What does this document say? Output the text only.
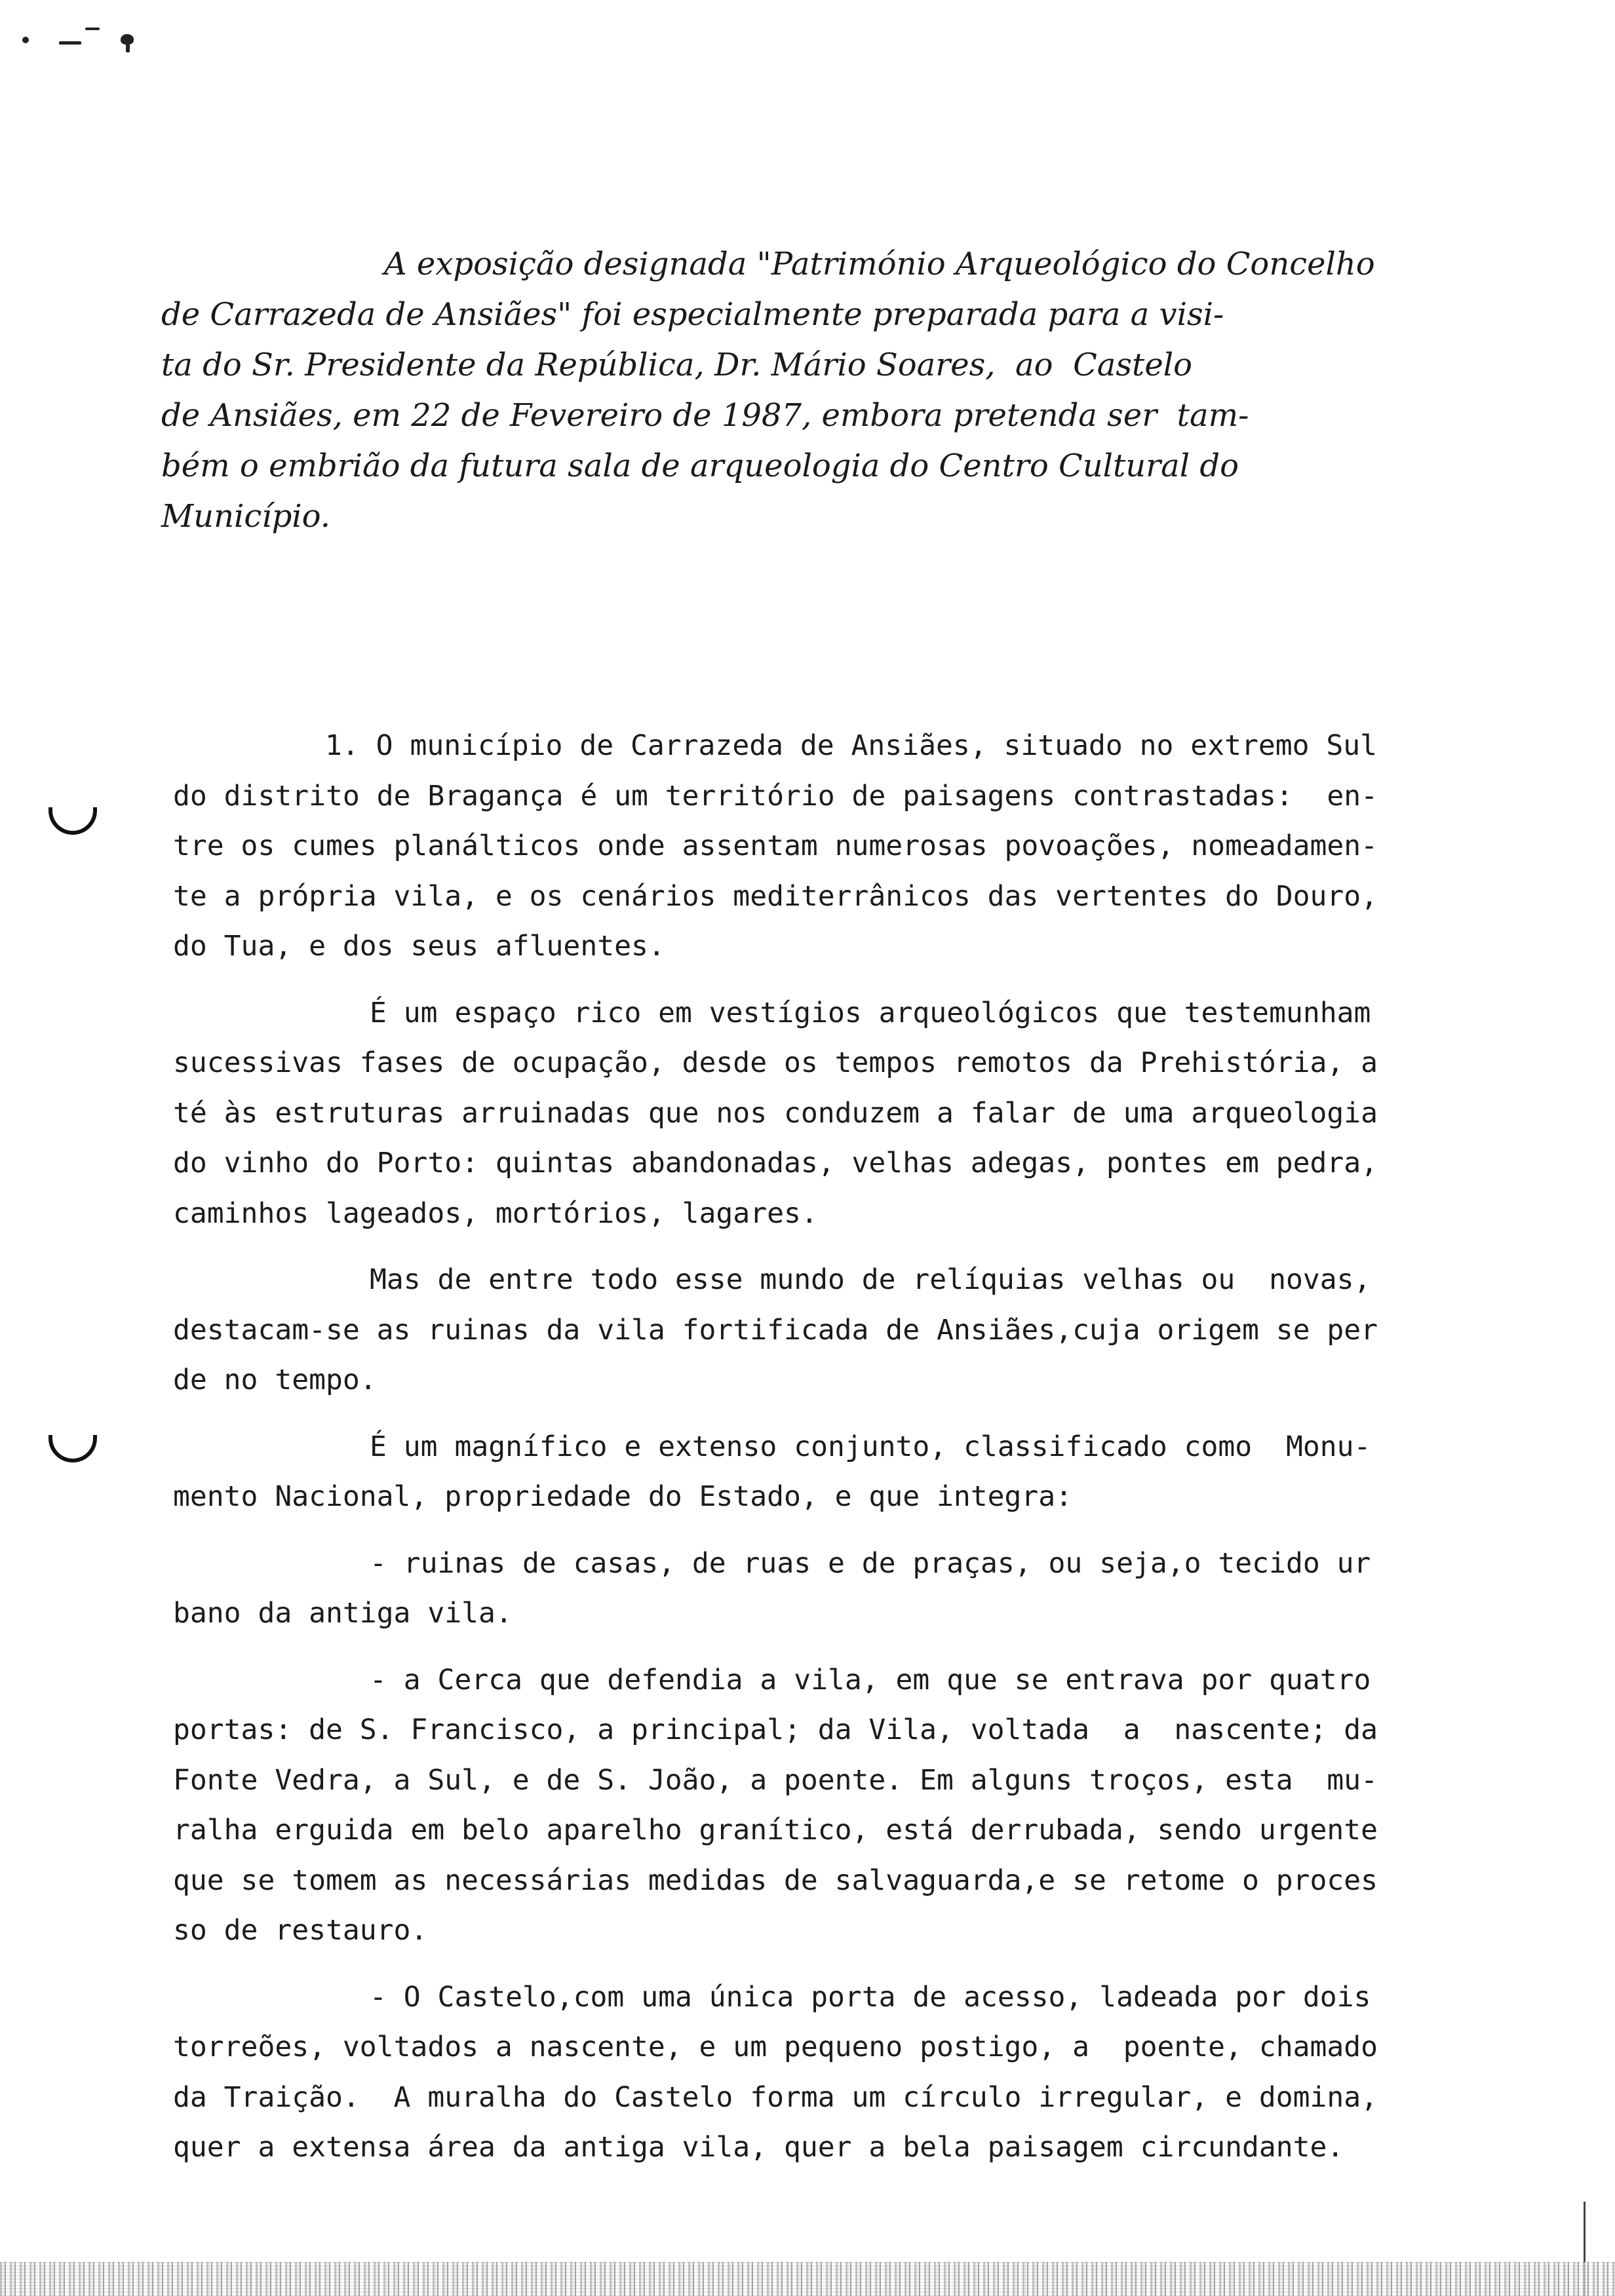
A exposição designada "Património Arqueológico do Concelho
de Carrazeda de Ansiães" foi especialmente preparada para a visi-
ta do Sr. Presidente da República, Dr. Mário Soares,  ao  Castelo
de Ansiães, em 22 de Fevereiro de 1987, embora pretenda ser  tam-
bém o embrião da futura sala de arqueologia do Centro Cultural do
Município.
1. O município de Carrazeda de Ansiães, situado no extremo Sul
do distrito de Bragança é um território de paisagens contrastadas:  en-
tre os cumes planálticos onde assentam numerosas povoações, nomeadamen-
te a própria vila, e os cenários mediterrânicos das vertentes do Douro,
do Tua, e dos seus afluentes.
É um espaço rico em vestígios arqueológicos que testemunham
sucessivas fases de ocupação, desde os tempos remotos da Prehistória, a
té às estruturas arruinadas que nos conduzem a falar de uma arqueologia
do vinho do Porto: quintas abandonadas, velhas adegas, pontes em pedra,
caminhos lageados, mortórios, lagares.
Mas de entre todo esse mundo de relíquias velhas ou  novas,
destacam-se as ruinas da vila fortificada de Ansiães,cuja origem se per
de no tempo.
É um magnífico e extenso conjunto, classificado como  Monu-
mento Nacional, propriedade do Estado, e que integra:
- ruinas de casas, de ruas e de praças, ou seja,o tecido ur
bano da antiga vila.
- a Cerca que defendia a vila, em que se entrava por quatro
portas: de S. Francisco, a principal; da Vila, voltada  a  nascente; da
Fonte Vedra, a Sul, e de S. João, a poente. Em alguns troços, esta  mu-
ralha erguida em belo aparelho granítico, está derrubada, sendo urgente
que se tomem as necessárias medidas de salvaguarda,e se retome o proces
so de restauro.
- O Castelo,com uma única porta de acesso, ladeada por dois
torreões, voltados a nascente, e um pequeno postigo, a  poente, chamado
da Traição.  A muralha do Castelo forma um círculo irregular, e domina,
quer a extensa área da antiga vila, quer a bela paisagem circundante.
